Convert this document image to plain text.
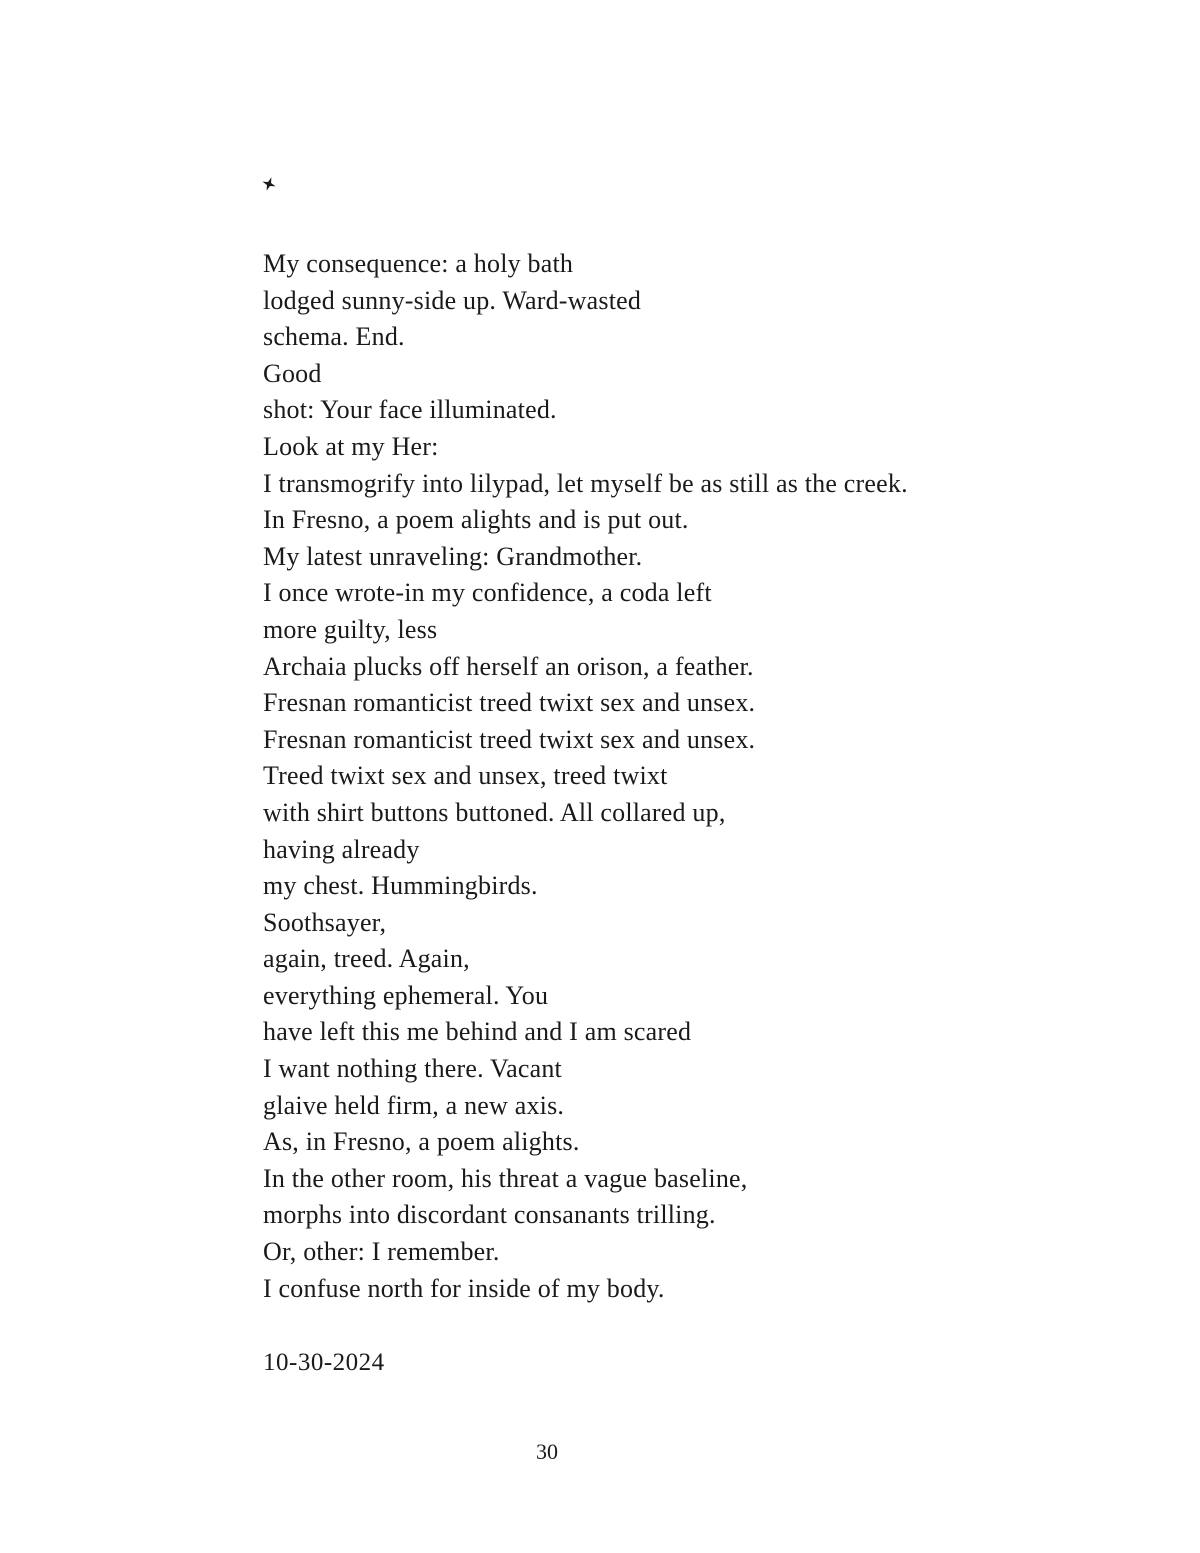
My consequence: a holy bath
lodged sunny-side up. Ward-wasted
schema. End.
Good
shot: Your face illuminated.
Look at my Her:
I transmogrify into lilypad, let myself be as still as the creek.
In Fresno, a poem alights and is put out.
My latest unraveling: Grandmother.
I once wrote-in my confidence, a coda left
more guilty, less
Archaia plucks off herself an orison, a feather.
Fresnan romanticist treed twixt sex and unsex.
Fresnan romanticist treed twixt sex and unsex.
Treed twixt sex and unsex, treed twixt
with shirt buttons buttoned. All collared up,
having already
my chest. Hummingbirds.
Soothsayer,
again, treed. Again,
everything ephemeral. You
have left this me behind and I am scared
I want nothing there. Vacant
glaive held firm, a new axis.
As, in Fresno, a poem alights.
In the other room, his threat a vague baseline,
morphs into discordant consanants trilling.
Or, other: I remember.
I confuse north for inside of my body.
10-30-2024
30
